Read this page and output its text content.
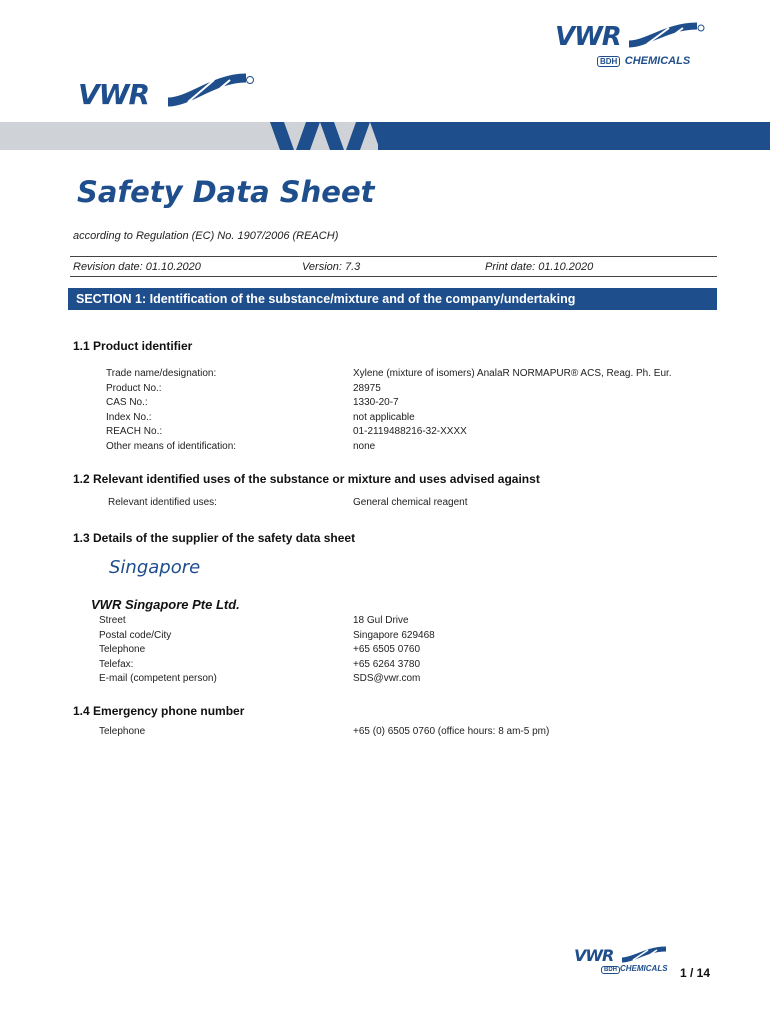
VWR
BDH CHEMICALS
VWR
Safety Data Sheet
according to Regulation (EC) No. 1907/2006 (REACH)
Revision date: 01.10.2020	Version: 7.3	Print date: 01.10.2020
SECTION 1: Identification of the substance/mixture and of the company/undertaking
1.1 Product identifier
Trade name/designation:	Xylene (mixture of isomers) AnalaR NORMAPUR® ACS, Reag. Ph. Eur.
Product No.:	28975
CAS No.:	1330-20-7
Index No.:	not applicable
REACH No.:	01-2119488216-32-XXXX
Other means of identification:	none
1.2 Relevant identified uses of the substance or mixture and uses advised against
Relevant identified uses:	General chemical reagent
1.3 Details of the supplier of the safety data sheet
Singapore
VWR Singapore Pte Ltd.
Street	18 Gul Drive
Postal code/City	Singapore 629468
Telephone	+65 6505 0760
Telefax:	+65 6264 3780
E-mail (competent person)	SDS@vwr.com
1.4 Emergency phone number
Telephone	+65 (0) 6505 0760 (office hours: 8 am-5 pm)
VWR
BDH CHEMICALS 1 / 14
